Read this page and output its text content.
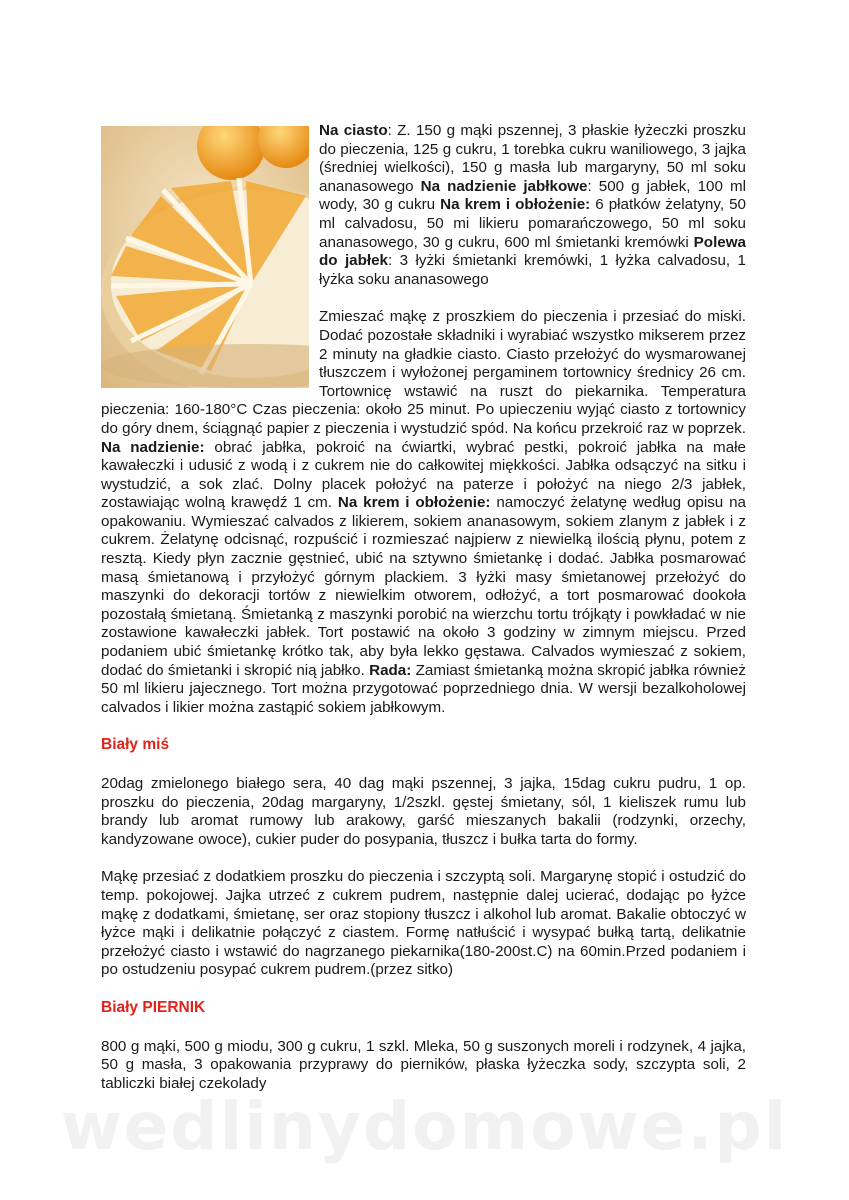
Na ciasto: Z. 150 g mąki pszennej, 3 płaskie łyżeczki proszku do pieczenia, 125 g cukru, 1 torebka cukru waniliowego, 3 jajka (średniej wielkości), 150 g masła lub margaryny, 50 ml soku ananasowego Na nadzienie jabłkowe: 500 g jabłek, 100 ml wody, 30 g cukru Na krem i obłożenie: 6 płatków żelatyny, 50 ml calvadosu, 50 mi likieru pomarańczowego, 50 ml soku ananasowego, 30 g cukru, 600 ml śmietanki kremówki Polewa do jabłek: 3 łyżki śmietanki kremówki, 1 łyżka calvadosu, 1 łyżka soku ananasowego

Zmieszać mąkę z proszkiem do pieczenia i przesiać do miski. Dodać pozostałe składniki i wyrabiać wszystko mikserem przez 2 minuty na gładkie ciasto. Ciasto przełożyć do wysmarowanej tłuszczem i wyłożonej pergaminem tortownicy średnicy 26 cm. Tortownicę wstawić na ruszt do piekarnika. Temperatura pieczenia: 160-180°C Czas pieczenia: około 25 minut. Po upieczeniu wyjąć ciasto z tortownicy do góry dnem, ściągnąć papier z pieczenia i wystudzić spód. Na końcu przekroić raz w poprzek. Na nadzienie: obrać jabłka, pokroić na ćwiartki, wybrać pestki, pokroić jabłka na małe kawałeczki i udusić z wodą i z cukrem nie do całkowitej miękkości. Jabłka odsączyć na sitku i wystudzić, a sok zlać. Dolny placek położyć na paterze i położyć na niego 2/3 jabłek, zostawiając wolną krawędź 1 cm. Na krem i obłożenie: namoczyć żelatynę według opisu na opakowaniu. Wymieszać calvados z likierem, sokiem ananasowym, sokiem zlanym z jabłek i z cukrem. Żelatynę odcisnąć, rozpuścić i rozmieszać najpierw z niewielką ilością płynu, potem z resztą. Kiedy płyn zacznie gęstnieć, ubić na sztywno śmietankę i dodać. Jabłka posmarować masą śmietanową i przyłożyć górnym plackiem. 3 łyżki masy śmietanowej przełożyć do maszynki do dekoracji tortów z niewielkim otworem, odłożyć, a tort posmarować dookoła pozostałą śmietaną. Śmietanką z maszynki porobić na wierzchu tortu trójkąty i powkładać w nie zostawione kawałeczki jabłek. Tort postawić na około 3 godziny w zimnym miejscu. Przed podaniem ubić śmietankę krótko tak, aby była lekko gęstawa. Calvados wymieszać z sokiem, dodać do śmietanki i skropić nią jabłko. Rada: Zamiast śmietanką można skropić jabłka również 50 ml likieru jajecznego. Tort można przygotować poprzedniego dnia. W wersji bezalkoholowej calvados i likier można zastąpić sokiem jabłkowym.

Biały miś

20dag zmielonego białego sera, 40 dag mąki pszennej, 3 jajka, 15dag cukru pudru, 1 op. proszku do pieczenia, 20dag margaryny, 1/2szkl. gęstej śmietany, sól, 1 kieliszek rumu lub brandy lub aromat rumowy lub arakowy, garść mieszanych bakalii (rodzynki, orzechy, kandyzowane owoce), cukier puder do posypania, tłuszcz i bułka tarta do formy.

Mąkę przesiać z dodatkiem proszku do pieczenia i szczyptą soli. Margarynę stopić i ostudzić do temp. pokojowej. Jajka utrzeć z cukrem pudrem, następnie dalej ucierać, dodając po łyżce mąkę z dodatkami, śmietanę, ser oraz stopiony tłuszcz i alkohol lub aromat. Bakalie obtoczyć w łyżce mąki i delikatnie połączyć z ciastem. Formę natłuścić i wysypać bułką tartą, delikatnie przełożyć ciasto i wstawić do nagrzanego piekarnika(180-200st.C) na 60min.Przed podaniem i po ostudzeniu posypać cukrem pudrem.(przez sitko)

Biały PIERNIK

800 g mąki, 500 g miodu, 300 g cukru, 1 szkl. Mleka, 50 g suszonych moreli i rodzynek, 4 jajka, 50 g masła, 3 opakowania przyprawy do pierników, płaska łyżeczka sody, szczypta soli, 2 tabliczki białej czekolady

wedlinydomowe.pl
